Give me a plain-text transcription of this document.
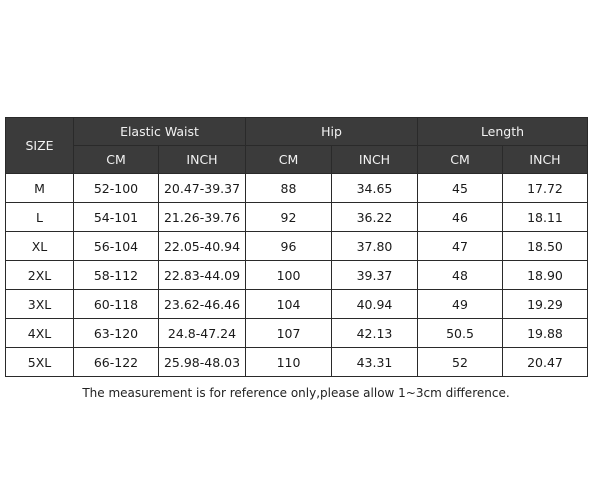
SIZE	Elastic Waist		Hip		Length	
	CM	INCH	CM	INCH	CM	INCH
M	52-100	20.47-39.37	88	34.65	45	17.72
L	54-101	21.26-39.76	92	36.22	46	18.11
XL	56-104	22.05-40.94	96	37.80	47	18.50
2XL	58-112	22.83-44.09	100	39.37	48	18.90
3XL	60-118	23.62-46.46	104	40.94	49	19.29
4XL	63-120	24.8-47.24	107	42.13	50.5	19.88
5XL	66-122	25.98-48.03	110	43.31	52	20.47
The measurement is for reference only,please allow 1~3cm difference.
